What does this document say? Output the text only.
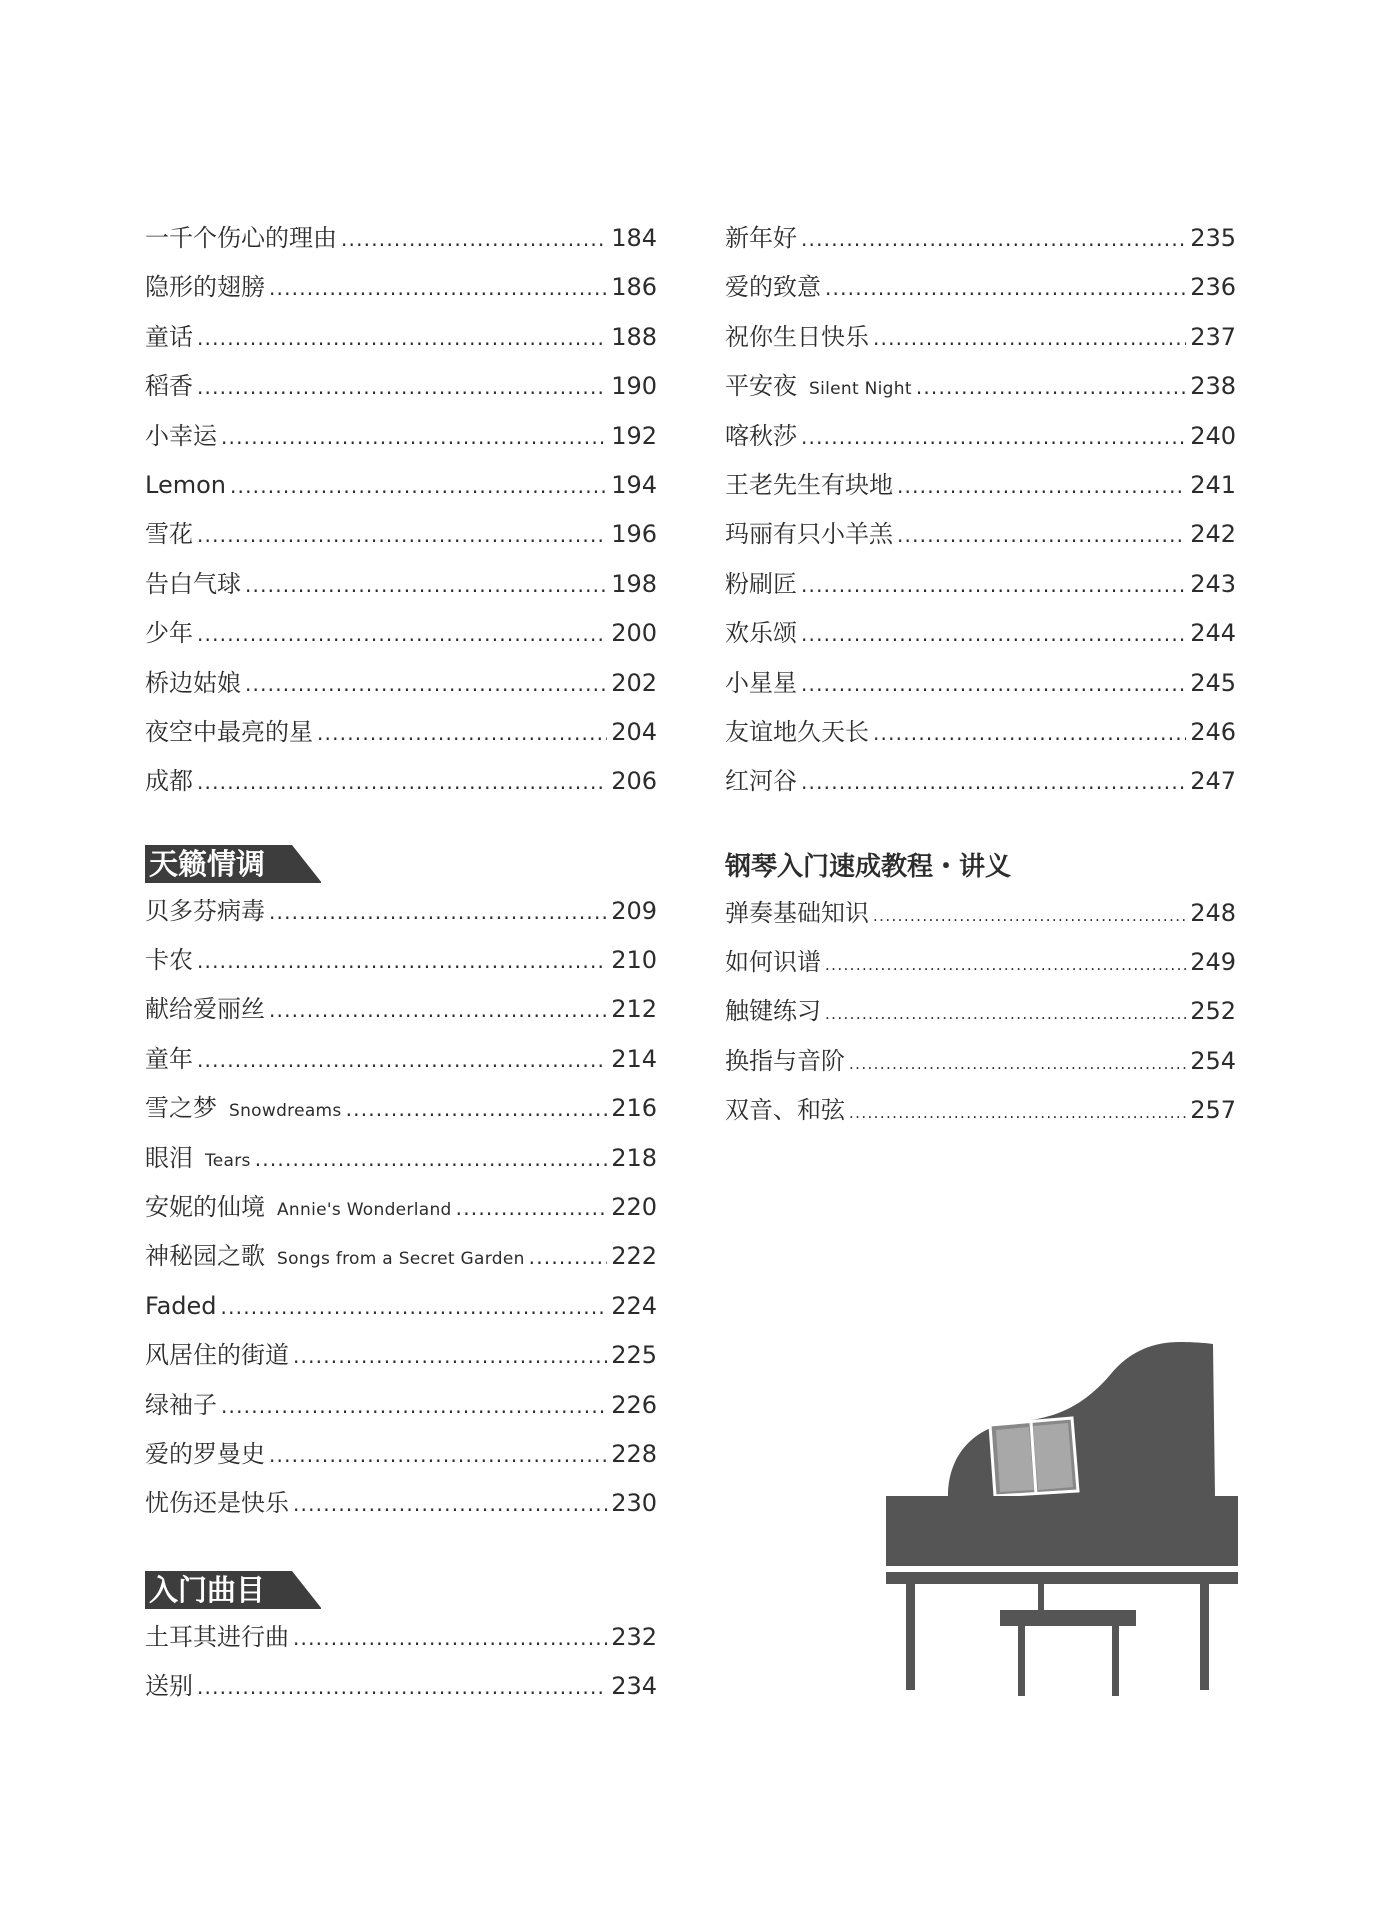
一千个伤心的理由 .....	184
隐形的翅膀 .....	186
童话 .....	188
稻香 .....	190
小幸运 .....	192
Lemon .....	194
雪花 .....	196
告白气球 .....	198
少年 .....	200
桥边姑娘 .....	202
夜空中最亮的星 .....	204
成都 .....	206
天籁情调
贝多芬病毒 .....	209
卡农 .....	210
献给爱丽丝 .....	212
童年 .....	214
雪之梦 Snowdreams .....	216
眼泪 Tears .....	218
安妮的仙境 Annie's Wonderland .....	220
神秘园之歌 Songs from a Secret Garden .....	222
Faded .....	224
风居住的街道 .....	225
绿袖子 .....	226
爱的罗曼史 .....	228
忧伤还是快乐 .....	230
入门曲目
土耳其进行曲 .....	232
送别 .....	234
新年好 .....	235
爱的致意 .....	236
祝你生日快乐 .....	237
平安夜 Silent Night .....	238
喀秋莎 .....	240
王老先生有块地 .....	241
玛丽有只小羊羔 .....	242
粉刷匠 .....	243
欢乐颂 .....	244
小星星 .....	245
友谊地久天长 .....	246
红河谷 .....	247
钢琴入门速成教程・讲义
弹奏基础知识 .....	248
如何识谱 .....	249
触键练习 .....	252
换指与音阶 .....	254
双音、和弦 .....	257
